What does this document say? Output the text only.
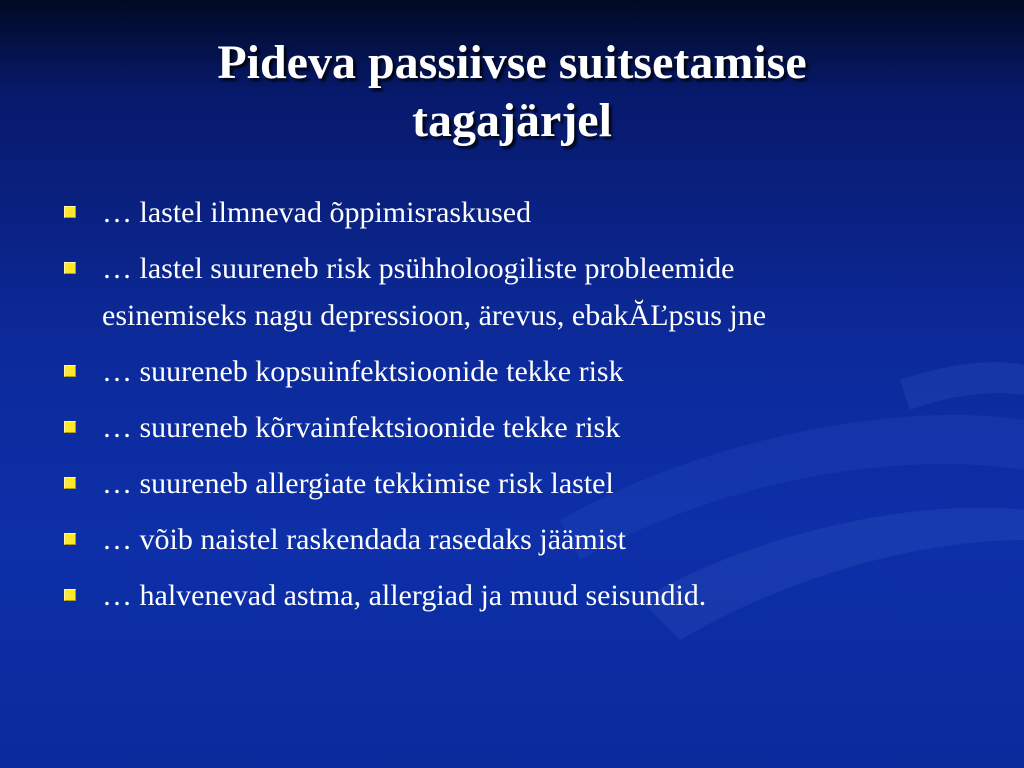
Pideva passiivse suitsetamise
tagajärjel
… lastel ilmnevad õppimisraskused
… lastel suureneb risk psühholoogiliste probleemide
esinemiseks nagu depressioon, ärevus, ebakĂĽpsus jne
… suureneb kopsuinfektsioonide tekke risk
… suureneb kõrvainfektsioonide tekke risk
… suureneb allergiate tekkimise risk lastel
… võib naistel raskendada rasedaks jäämist
… halvenevad astma, allergiad ja muud seisundid.
